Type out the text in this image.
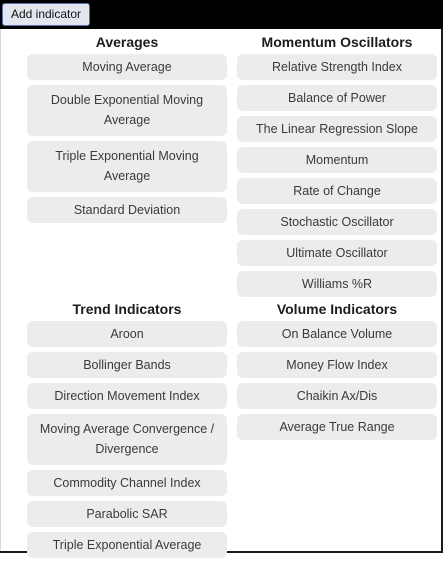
Add indicator
Averages
Moving Average
Double Exponential Moving Average
Triple Exponential Moving Average
Standard Deviation
Momentum Oscillators
Relative Strength Index
Balance of Power
The Linear Regression Slope
Momentum
Rate of Change
Stochastic Oscillator
Ultimate Oscillator
Williams %R
Trend Indicators
Aroon
Bollinger Bands
Direction Movement Index
Moving Average Convergence / Divergence
Commodity Channel Index
Parabolic SAR
Triple Exponential Average
Volume Indicators
On Balance Volume
Money Flow Index
Chaikin Ax/Dis
Average True Range
